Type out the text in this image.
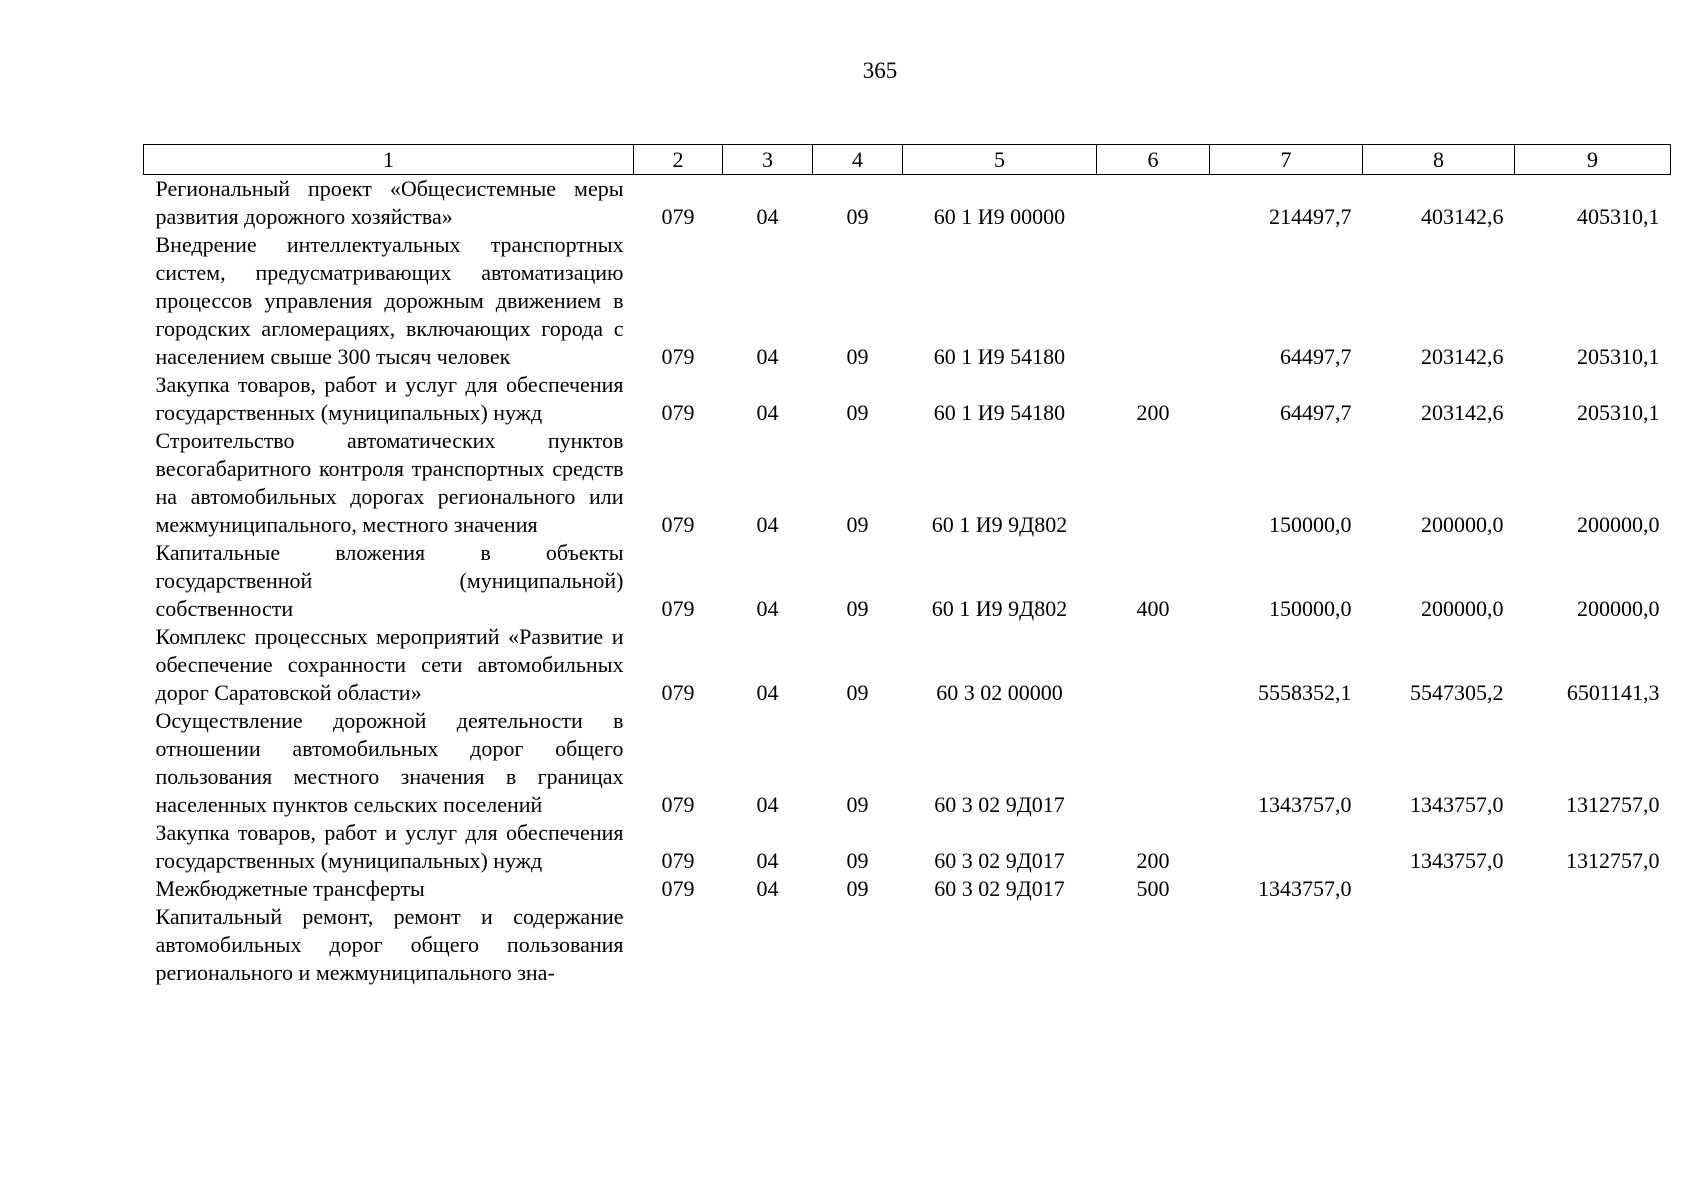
365
1	2	3	4	5	6	7	8	9
Региональный проект «Общесистемные меры развития дорожного хозяйства»	079	04	09	60 1 И9 00000		214497,7	403142,6	405310,1
Внедрение интеллектуальных транспортных систем, предусматривающих автоматизацию процессов управления дорожным движением в городских агломерациях, включающих города с населением свыше 300 тысяч человек	079	04	09	60 1 И9 54180		64497,7	203142,6	205310,1
Закупка товаров, работ и услуг для обеспечения государственных (муниципальных) нужд	079	04	09	60 1 И9 54180	200	64497,7	203142,6	205310,1
Строительство автоматических пунктов весогабаритного контроля транспортных средств на автомобильных дорогах регионального или межмуниципального, местного значения	079	04	09	60 1 И9 9Д802		150000,0	200000,0	200000,0
Капитальные вложения в объекты государственной (муниципальной) собственности	079	04	09	60 1 И9 9Д802	400	150000,0	200000,0	200000,0
Комплекс процессных мероприятий «Развитие и обеспечение сохранности сети автомобильных дорог Саратовской области»	079	04	09	60 3 02 00000		5558352,1	5547305,2	6501141,3
Осуществление дорожной деятельности в отношении автомобильных дорог общего пользования местного значения в границах населенных пунктов сельских поселений	079	04	09	60 3 02 9Д017		1343757,0	1343757,0	1312757,0
Закупка товаров, работ и услуг для обеспечения государственных (муниципальных) нужд	079	04	09	60 3 02 9Д017	200		1343757,0	1312757,0
Межбюджетные трансферты	079	04	09	60 3 02 9Д017	500	1343757,0		
Капитальный ремонт, ремонт и содержание автомобильных дорог общего пользования регионального и межмуниципального зна-								
